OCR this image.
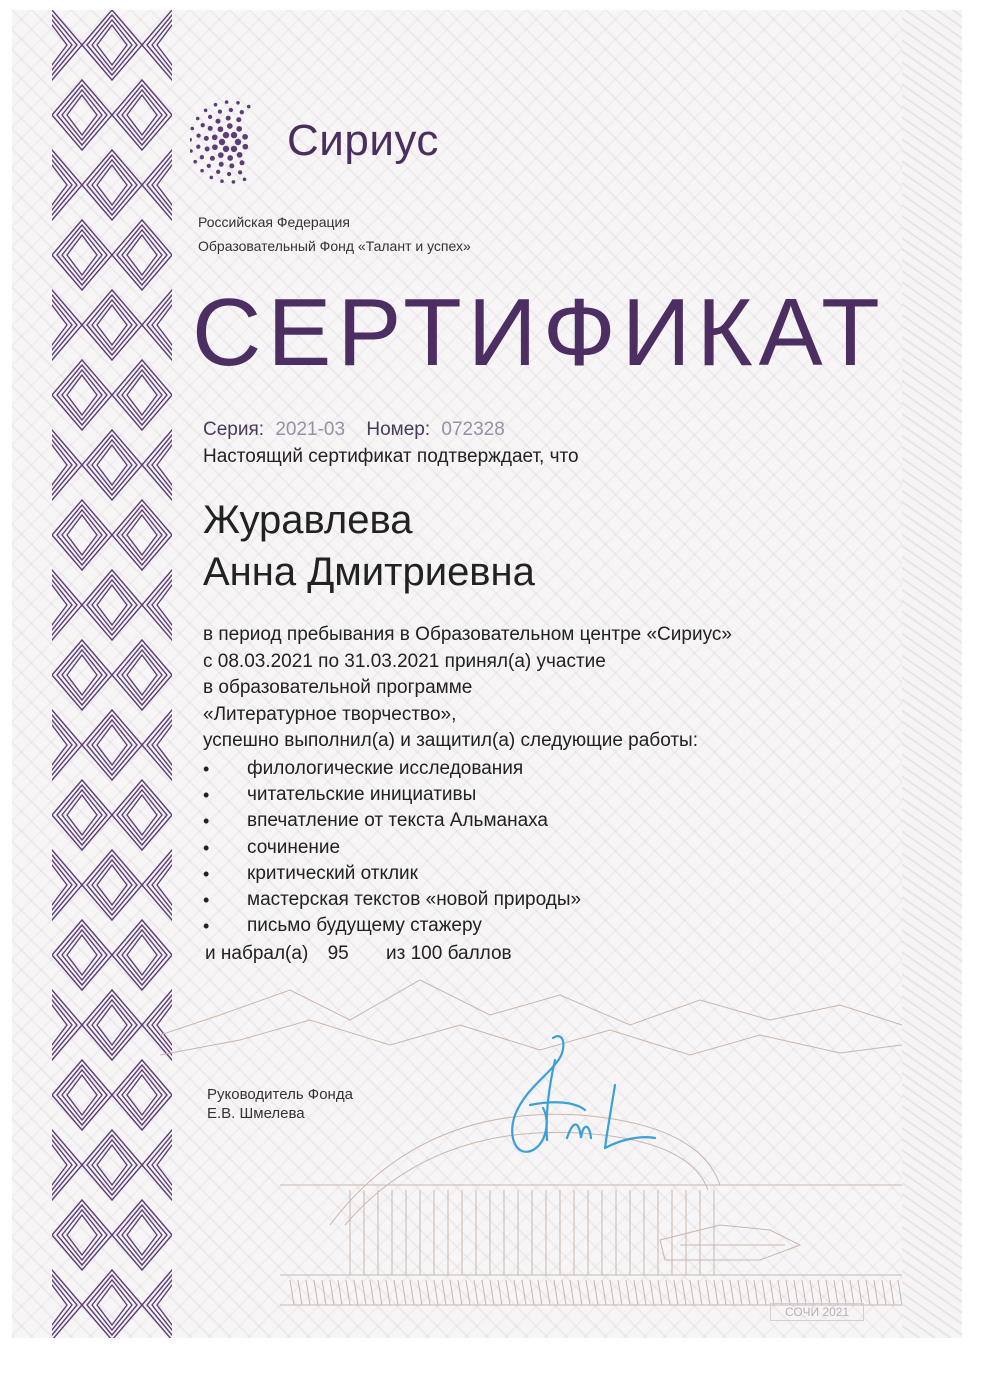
Сириус
Российская Федерация
Образовательный Фонд «Талант и успех»
СЕРТИФИКАТ
Серия: 2021-03 Номер: 072328
Настоящий сертификат подтверждает, что
Журавлева
Анна Дмитриевна
в период пребывания в Образовательном центре «Сириус»
с 08.03.2021 по 31.03.2021 принял(а) участие
в образовательной программе
«Литературное творчество»,
успешно выполнил(а) и защитил(а) следующие работы:
• филологические исследования
• читательские инициативы
• впечатление от текста Альманаха
• сочинение
• критический отклик
• мастерская текстов «новой природы»
• письмо будущему стажеру
и набрал(а) 95 из 100 баллов
Руководитель Фонда
Е.В. Шмелева
СОЧИ 2021
